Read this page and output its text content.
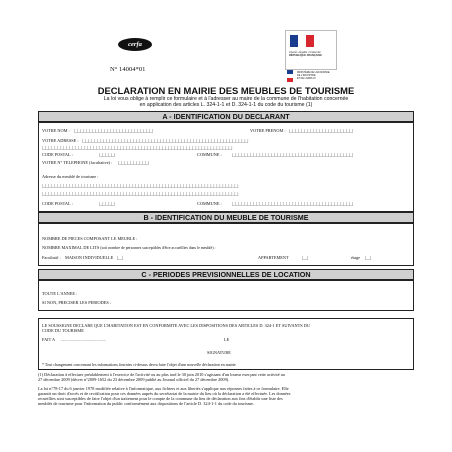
cerfa
N° 14004*01
Liberté • Égalité • Fraternité
RÉPUBLIQUE FRANÇAISE
MINISTÈRE DE L'ÉCONOMIE,
DE L'INDUSTRIE
ET DE L'EMPLOI
DECLARATION EN MAIRIE DES MEUBLES DE TOURISME
La loi vous oblige à remplir ce formulaire et à l'adresser au maire de la commune de l'habitation concernée
en application des articles L. 324-1-1 et D. 324-1-1 du code du tourisme (1)
A - IDENTIFICATION DU DECLARANT
VOTRE NOM : |_|_|_|_|_|_|_|_|_|_|_|_|_|_|_|_|_|_|_|_|_|_|_|_|_|_|	VOTRE PRENOM : |_|_|_|_|_|_|_|_|_|_|_|_|_|_|_|_|_|_|_|_|_|
VOTRE ADRESSE : |_|_|_|_|_|_|_|_|_|_|_|_|_|_|_|_|_|_|_|_|_|_|_|_|_|_|_|_|_|_|_|_|_|_|_|_|_|_|_|_|_|_|_|_|_|_|_|_|_|_|_|_|_|_|_|
|_|_|_|_|_|_|_|_|_|_|_|_|_|_|_|_|_|_|_|_|_|_|_|_|_|_|_|_|_|_|_|_|_|_|_|_|_|_|_|_|_|_|_|_|_|_|_|_|_|_|_|_|_|_|_|_|_|_|_|_|_|_|_|
CODE POSTAL :	|_|_|_|_|_|	COMMUNE : |_|_|_|_|_|_|_|_|_|_|_|_|_|_|_|_|_|_|_|_|_|_|_|_|_|_|_|_|_|_|_|_|_|_|_|_|_|_|_|_|
VOTRE N° TELEPHONE (facultative) : |_|_|_|_|_|_|_|_|_|_|
Adresse du meublé de tourisme :
|_|_|_|_|_|_|_|_|_|_|_|_|_|_|_|_|_|_|_|_|_|_|_|_|_|_|_|_|_|_|_|_|_|_|_|_|_|_|_|_|_|_|_|_|_|_|_|_|_|_|_|_|_|_|_|_|_|_|_|_|_|_|_|_|_|
|_|_|_|_|_|_|_|_|_|_|_|_|_|_|_|_|_|_|_|_|_|_|_|_|_|_|_|_|_|_|_|_|_|_|_|_|_|_|_|_|_|_|_|_|_|_|_|_|_|_|_|_|_|_|_|_|_|_|_|_|_|_|_|_|_|
CODE POSTAL :	|_|_|_|_|_|	COMMUNE : |_|_|_|_|_|_|_|_|_|_|_|_|_|_|_|_|_|_|_|_|_|_|_|_|_|_|_|_|_|_|_|_|_|_|_|_|_|_|_|_|
B - IDENTIFICATION DU MEUBLE DE TOURISME
NOMBRE DE PIECES COMPOSANT LE MEUBLE :
NOMBRE MAXIMAL DE LITS (soit nombre de personnes susceptibles d'être accueillies dans le meublé) :
Facultatif : MAISON INDIVIDUELLE |__|	APPARTEMENT	|__|	étage |__|
C - PERIODES PREVISIONNELLES DE LOCATION
TOUTE L'ANNEE :
SI NON, PRECISER LES PERIODES :
LE SOUSSIGNE DECLARE QUE L'HABITATION EST EN CONFORMITE AVEC LES DISPOSITIONS DES ARTICLES D. 324-1 ET SUIVANTS DU
CODE DU TOURISME
FAIT A ..........................................	LE
SIGNATURE
* Tout changement concernant les informations fournies ci-dessus devra faire l'objet d'une nouvelle déclaration en mairie
(1) Déclaration à effectuer préalablement à l'exercice de l'activité ou au plus tard le 30 juin 2010 s'agissant d'un loueur exerçant cette activité au
27 décembre 2009 (décret n°2009-1652 du 23 décembre 2009 publié au Journal officiel du 27 décembre 2009).
La loi n°78-17 du 6 janvier 1978 modifiée relative à l'informatique, aux fichiers et aux libertés s'applique aux réponses faites à ce formulaire. Elle
garantit un droit d'accès et de rectification pour ces données auprès du secrétariat de la mairie du lieu où la déclaration a été effectuée. Les données
recueillies sont susceptibles de faire l'objet d'un traitement pour le compte de la commune du lieu de déclaration aux fins d'établir une liste des
meublés de tourisme pour l'information du public conformément aux dispositions de l'article D. 324-1-1 du code du tourisme.
